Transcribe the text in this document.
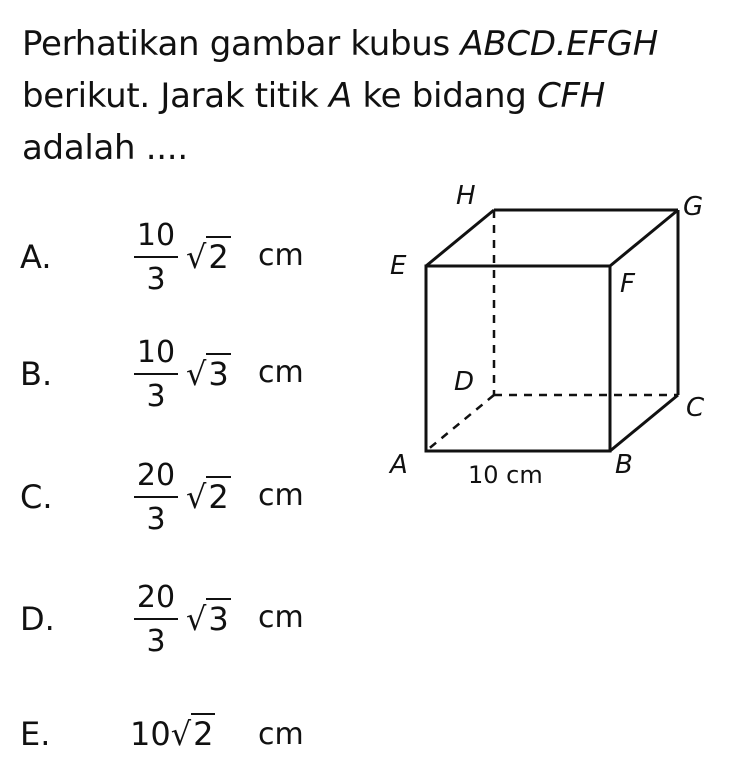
Perhatikan gambar kubus ABCD.EFGH
berikut. Jarak titik A ke bidang CFH
adalah ....
A.
10
3
√2 cm
B.
10
3
√3 cm
C.
20
3
√2 cm
D.
20
3
√3 cm
E. 10√2 cm
H	G
E
F
D
C
A	B
10 cm
